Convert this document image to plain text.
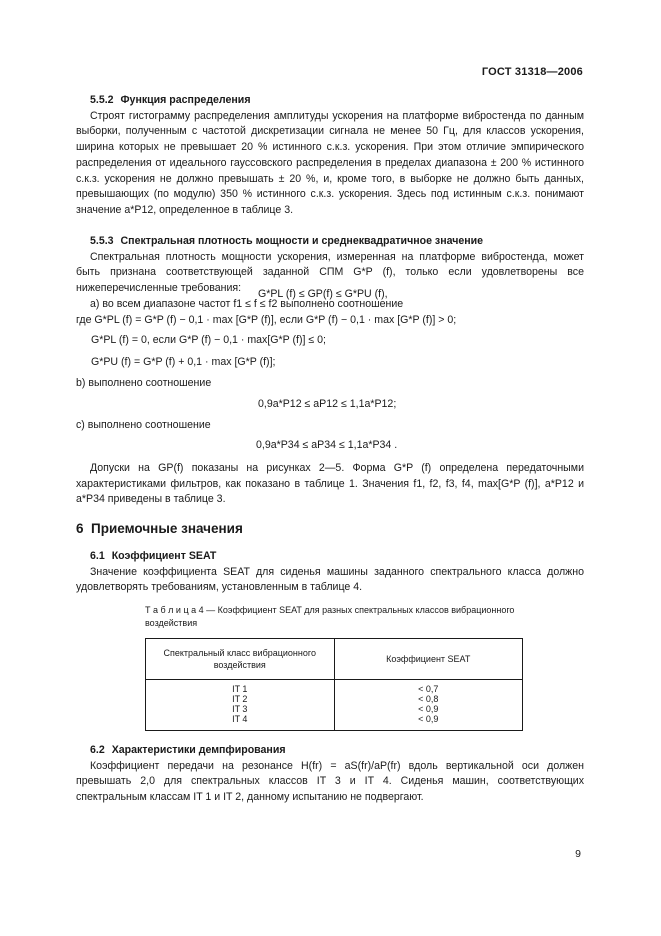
ГОСТ 31318—2006
5.5.2 Функция распределения

Строят гистограмму распределения амплитуды ускорения на платформе вибростенда по данным выборки, полученным с частотой дискретизации сигнала не менее 50 Гц, для классов ускорения, ширина которых не превышает 20 % истинного с.к.з. ускорения. При этом отличие эмпирического распределения от идеального гауссовского распределения в пределах диапазона ± 200 % истинного с.к.з. ускорения не должно превышать ± 20 %, и, кроме того, в выборке не должно быть данных, превышающих (по модулю) 350 % истинного с.к.з. ускорения. Здесь под истинным с.к.з. понимают значение a*P12, определенное в таблице 3.

5.5.3 Спектральная плотность мощности и среднеквадратичное значение

Спектральная плотность мощности ускорения, измеренная на платформе вибростенда, может быть признана соответствующей заданной СПМ G*P (f), только если удовлетворены все нижеперечисленные требования:

а) во всем диапазоне частот f1 ≤ f ≤ f2 выполнено соотношение

G*PL (f) ≤ GP(f) ≤ G*PU (f),
где G*PL (f) = G*P (f) − 0,1 · max [G*P (f)], если G*P (f) − 0,1 · max [G*P (f)] > 0;
G*PL (f) = 0, если G*P (f) − 0,1 · max[G*P (f)] ≤ 0;
G*PU (f) = G*P (f) + 0,1 · max [G*P (f)];
b) выполнено соотношение
0,9a*P12 ≤ aP12 ≤ 1,1a*P12;
c) выполнено соотношение
0,9a*P34 ≤ aP34 ≤ 1,1a*P34 .

Допуски на GP(f) показаны на рисунках 2—5. Форма G*P (f) определена передаточными характеристиками фильтров, как показано в таблице 1. Значения f1, f2, f3, f4, max[G*P (f)], a*P12 и a*P34 приведены в таблице 3.

6 Приемочные значения
6.1 Коэффициент SEAT

Значение коэффициента SEAT для сиденья машины заданного спектрального класса должно удовлетворять требованиям, установленным в таблице 4.

Т а б л и ц а 4 — Коэффициент SEAT для разных спектральных классов вибрационного воздействия
Спектральный класс вибрационного воздействия	Коэффициент SEAT
IT 1	< 0,7
IT 2	< 0,8
IT 3	< 0,9
IT 4	< 0,9
6.2 Характеристики демпфирования

Коэффициент передачи на резонансе H(fr) = aS(fr)/aP(fr) вдоль вертикальной оси должен превышать 2,0 для спектральных классов IT 3 и IT 4. Сиденья машин, соответствующих спектральным классам IT 1 и IT 2, данному испытанию не подвергают.

9
